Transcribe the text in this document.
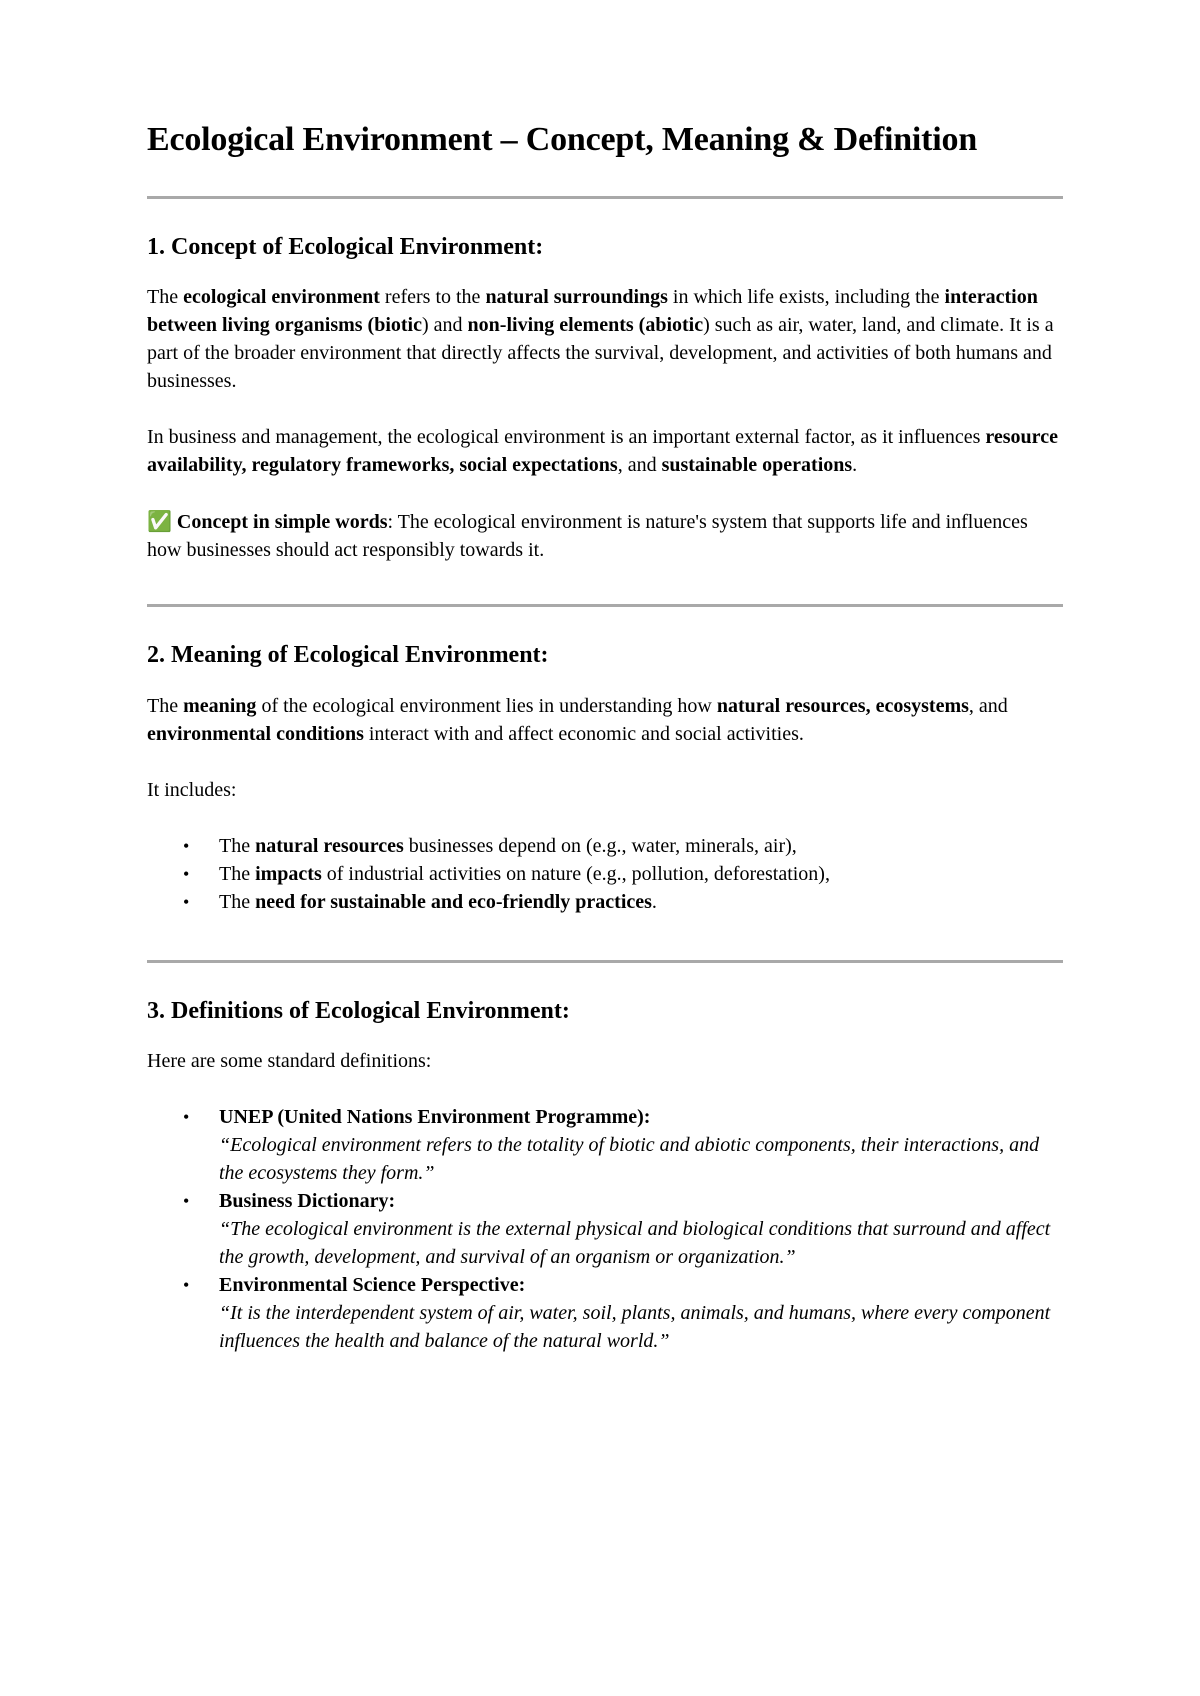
Ecological Environment – Concept, Meaning & Definition
1. Concept of Ecological Environment:

The ecological environment refers to the natural surroundings in which life exists, including the interaction between living organisms (biotic) and non-living elements (abiotic) such as air, water, land, and climate. It is a part of the broader environment that directly affects the survival, development, and activities of both humans and businesses.

In business and management, the ecological environment is an important external factor, as it influences resource availability, regulatory frameworks, social expectations, and sustainable operations.

✅ Concept in simple words: The ecological environment is nature's system that supports life and influences how businesses should act responsibly towards it.

2. Meaning of Ecological Environment:

The meaning of the ecological environment lies in understanding how natural resources, ecosystems, and environmental conditions interact with and affect economic and social activities.

It includes:

• The natural resources businesses depend on (e.g., water, minerals, air),
• The impacts of industrial activities on nature (e.g., pollution, deforestation),
• The need for sustainable and eco-friendly practices.
3. Definitions of Ecological Environment:

Here are some standard definitions:

• UNEP (United Nations Environment Programme):
“Ecological environment refers to the totality of biotic and abiotic components, their interactions, and the ecosystems they form.”
• Business Dictionary:
“The ecological environment is the external physical and biological conditions that surround and affect the growth, development, and survival of an organism or organization.”
• Environmental Science Perspective:
“It is the interdependent system of air, water, soil, plants, animals, and humans, where every component influences the health and balance of the natural world.”
